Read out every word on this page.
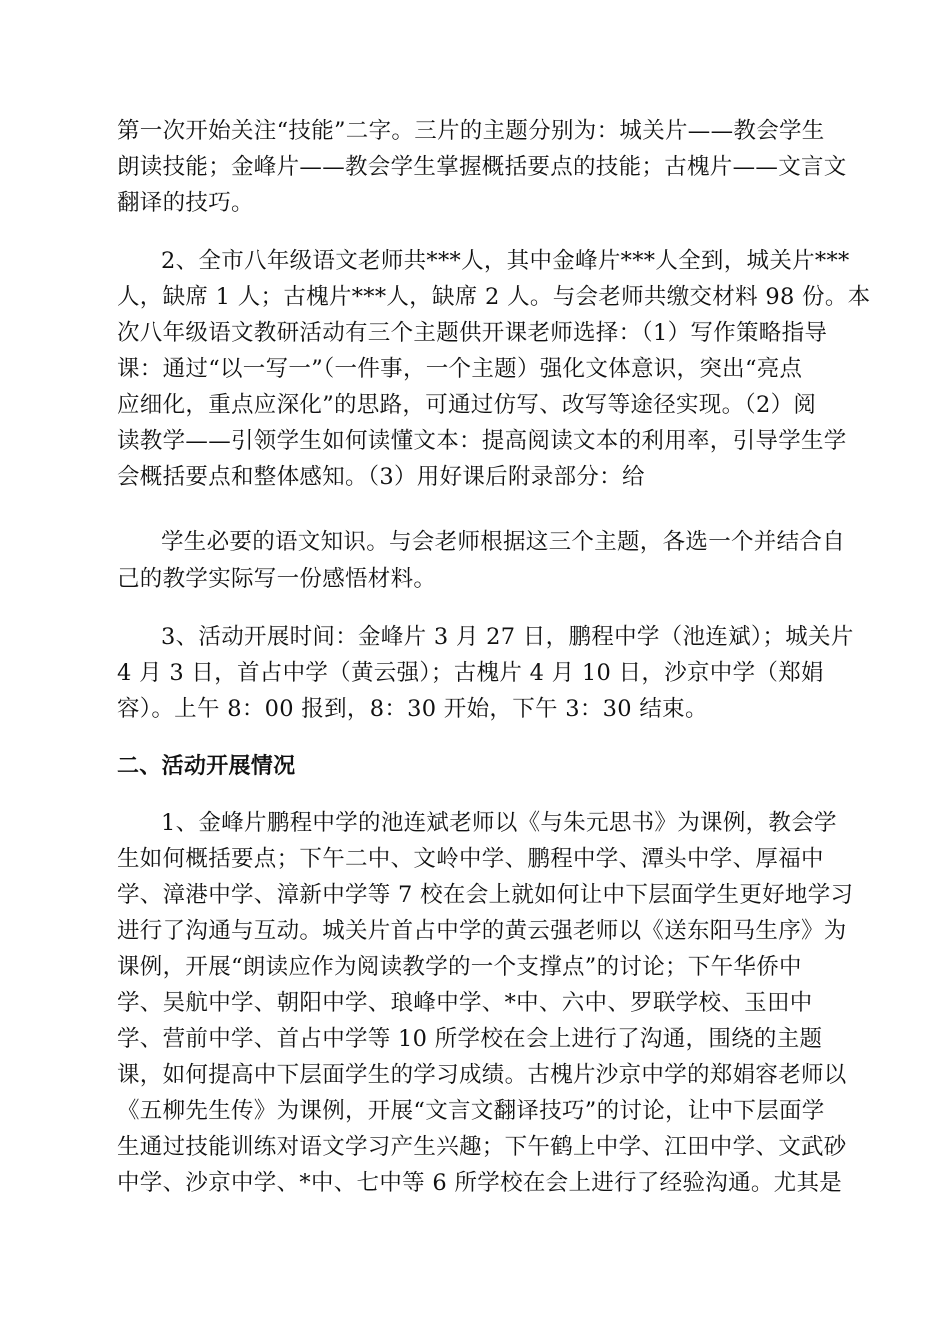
第一次开始关注“技能”二字。三片的主题分别为：城关片——教会学生
朗读技能；金峰片——教会学生掌握概括要点的技能；古槐片——文言文
翻译的技巧。
2、全市八年级语文老师共***人，其中金峰片***人全到，城关片***
人，缺席 1 人；古槐片***人，缺席 2 人。与会老师共缴交材料 98 份。本
次八年级语文教研活动有三个主题供开课老师选择：（1）写作策略指导
课：通过“以一写一”（一件事，一个主题）强化文体意识，突出“亮点
应细化，重点应深化”的思路，可通过仿写、改写等途径实现。（2）阅
读教学——引领学生如何读懂文本：提高阅读文本的利用率，引导学生学
会概括要点和整体感知。（3）用好课后附录部分：给
学生必要的语文知识。与会老师根据这三个主题，各选一个并结合自
己的教学实际写一份感悟材料。
3、活动开展时间：金峰片 3 月 27 日，鹏程中学（池连斌）；城关片
4 月 3 日，首占中学（黄云强）；古槐片 4 月 10 日，沙京中学（郑娟
容）。上午 8：00 报到，8：30 开始，下午 3：30 结束。
二、活动开展情况
1、金峰片鹏程中学的池连斌老师以《与朱元思书》为课例，教会学
生如何概括要点；下午二中、文岭中学、鹏程中学、潭头中学、厚福中
学、漳港中学、漳新中学等 7 校在会上就如何让中下层面学生更好地学习
进行了沟通与互动。城关片首占中学的黄云强老师以《送东阳马生序》为
课例，开展“朗读应作为阅读教学的一个支撑点”的讨论；下午华侨中
学、吴航中学、朝阳中学、琅峰中学、*中、六中、罗联学校、玉田中
学、营前中学、首占中学等 10 所学校在会上进行了沟通，围绕的主题
课，如何提高中下层面学生的学习成绩。古槐片沙京中学的郑娟容老师以
《五柳先生传》为课例，开展“文言文翻译技巧”的讨论，让中下层面学
生通过技能训练对语文学习产生兴趣；下午鹤上中学、江田中学、文武砂
中学、沙京中学、*中、七中等 6 所学校在会上进行了经验沟通。尤其是
